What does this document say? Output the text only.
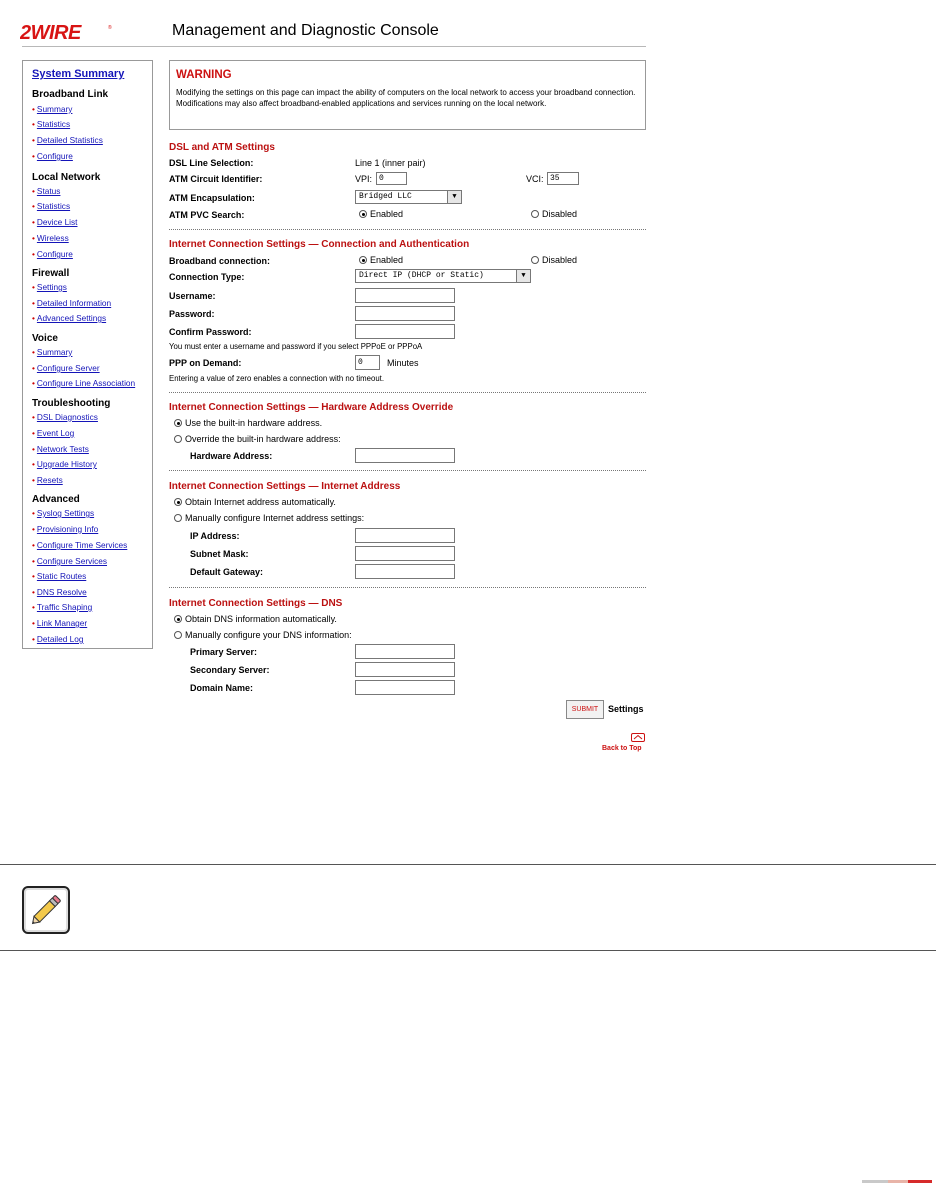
2WIRE	®	Management and Diagnostic Console
System Summary
Broadband Link
• Summary
• Statistics
• Detailed Statistics
• Configure
Local Network
• Status
• Statistics
• Device List
• Wireless
• Configure
Firewall
• Settings
• Detailed Information
• Advanced Settings
Voice
• Summary
• Configure Server
• Configure Line Association
Troubleshooting
• DSL Diagnostics
• Event Log
• Network Tests
• Upgrade History
• Resets
Advanced
• Syslog Settings
• Provisioning Info
• Configure Time Services
• Configure Services
• Static Routes
• DNS Resolve
• Traffic Shaping
• Link Manager
• Detailed Log
WARNING
Modifying the settings on this page can impact the ability of computers on the local network to access your broadband connection. Modifications may also affect broadband-enabled applications and services running on the local network.
DSL and ATM Settings
DSL Line Selection:	Line 1 (inner pair)
ATM Circuit Identifier:	VPI: 0	VCI: 35
ATM Encapsulation:	Bridged LLC	▼
ATM PVC Search:	Enabled	Disabled
Internet Connection Settings — Connection and Authentication
Broadband connection:	Enabled	Disabled
Connection Type:	Direct IP (DHCP or Static)	▼
Username:
Password:
Confirm Password:
You must enter a username and password if you select PPPoE or PPPoA
PPP on Demand:	0	Minutes
Entering a value of zero enables a connection with no timeout.
Internet Connection Settings — Hardware Address Override
Use the built-in hardware address.
Override the built-in hardware address:
Hardware Address:
Internet Connection Settings — Internet Address
Obtain Internet address automatically.
Manually configure Internet address settings:
IP Address:
Subnet Mask:
Default Gateway:
Internet Connection Settings — DNS
Obtain DNS information automatically.
Manually configure your DNS information:
Primary Server:
Secondary Server:
Domain Name:
SUBMIT	Settings
Back to Top
